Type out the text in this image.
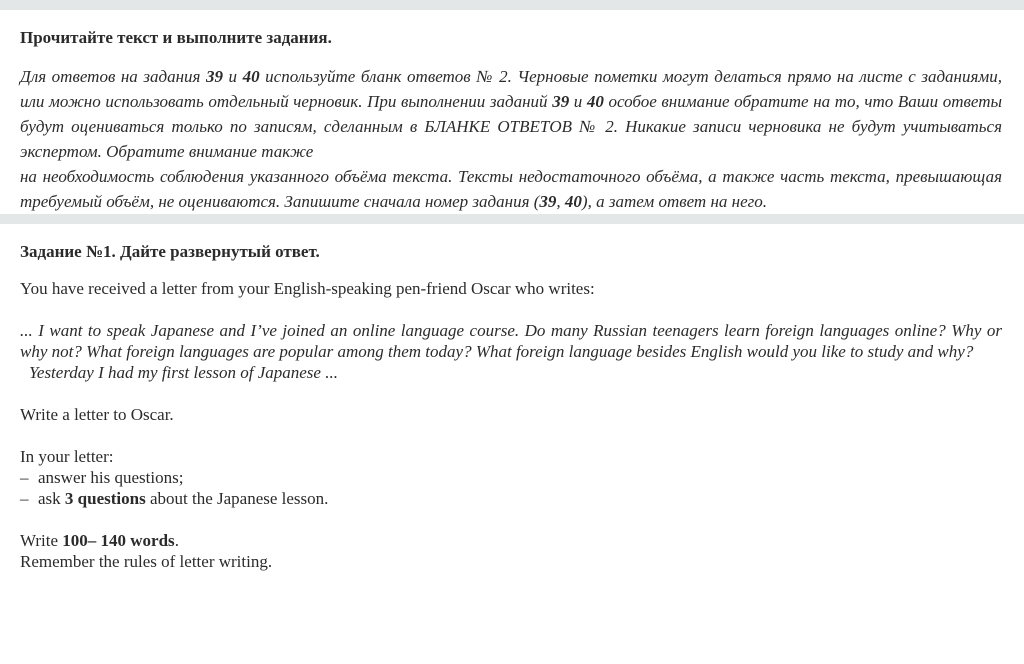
Прочитайте текст и выполните задания.

Для ответов на задания 39 и 40 используйте бланк ответов № 2. Черновые пометки могут делаться прямо на листе с заданиями, или можно использовать отдельный черновик. При выполнении заданий 39 и 40 особое внимание обратите на то, что Ваши ответы будут оцениваться только по записям, сделанным в БЛАНКЕ ОТВЕТОВ № 2. Никакие записи черновика не будут учитываться экспертом. Обратите внимание также
на необходимость соблюдения указанного объёма текста. Тексты недостаточного объёма, а также часть текста, превышающая требуемый объём, не оцениваются. Запишите сначала номер задания (39, 40), а затем ответ на него.

Задание №1. Дайте развернутый ответ.

You have received a letter from your English-speaking pen-friend Oscar who writes:

... I want to speak Japanese and I’ve joined an online language course. Do many Russian teenagers learn foreign languages online? Why or why not? What foreign languages are popular among them today? What foreign language besides English would you like to study and why?
Yesterday I had my first lesson of Japanese ...

Write a letter to Oscar.

In your letter:

– answer his questions;
– ask 3 questions about the Japanese lesson.

Write 100– 140 words.

Remember the rules of letter writing.
